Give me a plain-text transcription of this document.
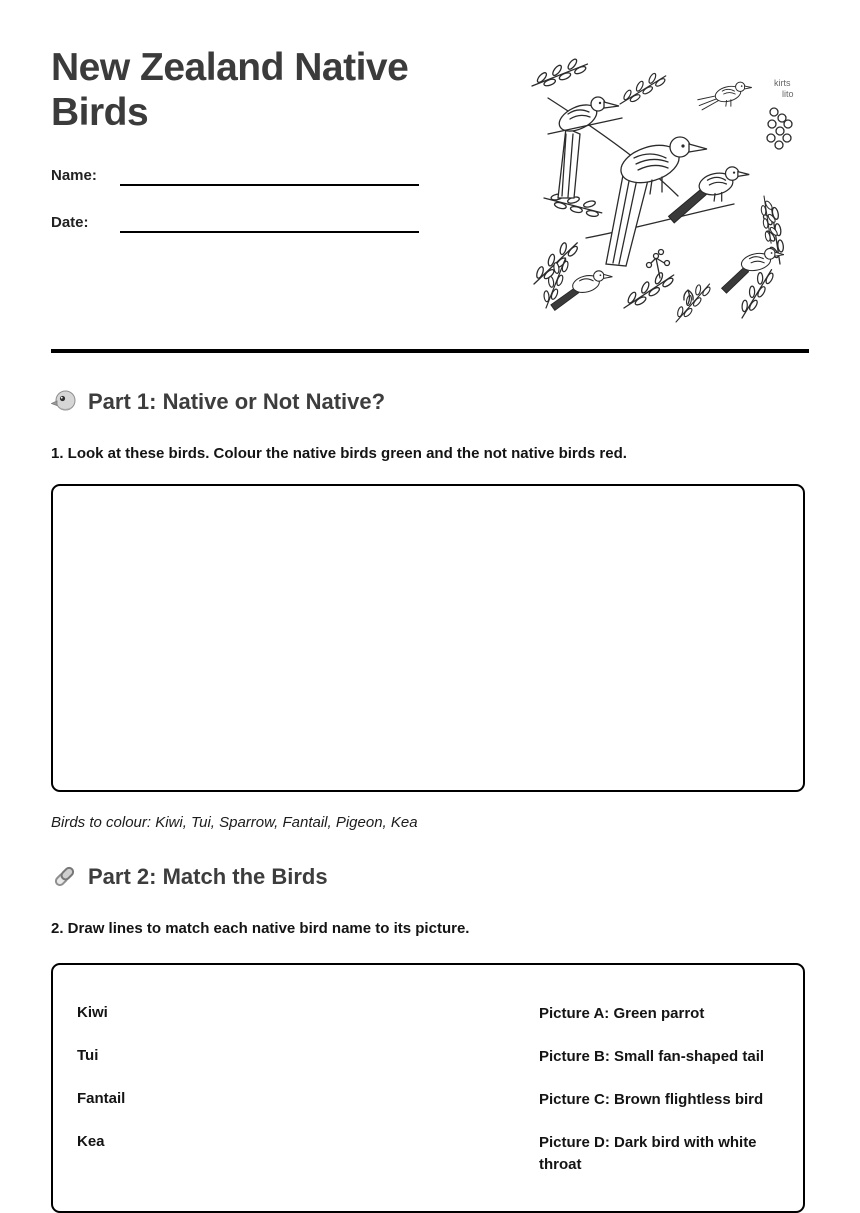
New Zealand Native Birds
Name:
Date:
kirts
lito
Part 1: Native or Not Native?

1. Look at these birds. Colour the native birds green and the not native birds red.

Birds to colour: Kiwi, Tui, Sparrow, Fantail, Pigeon, Kea

Part 2: Match the Birds

2. Draw lines to match each native bird name to its picture.

Kiwi	Picture A: Green parrot
Tui	Picture B: Small fan-shaped tail
Fantail	Picture C: Brown flightless bird
Kea	Picture D: Dark bird with white throat
